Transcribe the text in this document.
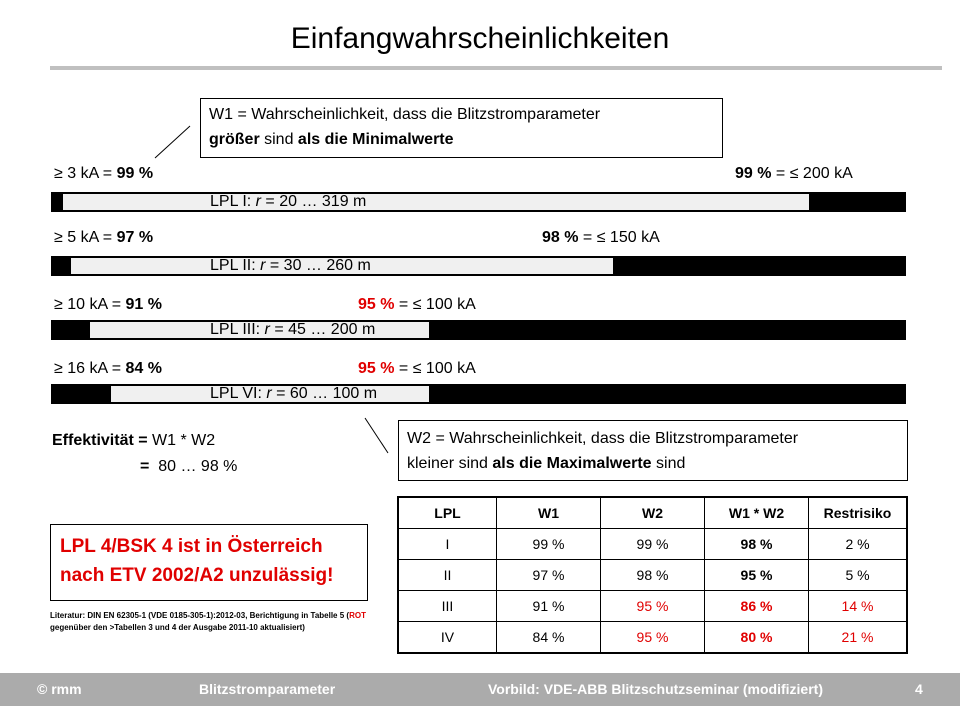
Einfangwahrscheinlichkeiten
W1 = Wahrscheinlichkeit, dass die Blitzstromparameter
größer sind als die Minimalwerte
≥ 3 kA = 99 %	99 % = ≤ 200 kA
LPL I: r = 20 … 319 m
≥ 5 kA = 97 %	98 % = ≤ 150 kA
LPL II: r = 30 … 260 m
≥ 10 kA = 91 %	95 % = ≤ 100 kA
LPL III: r = 45 … 200 m
≥ 16 kA = 84 %	95 % = ≤ 100 kA
LPL VI: r = 60 … 100 m
W2 = Wahrscheinlichkeit, dass die Blitzstromparameter
kleiner sind als die Maximalwerte sind
Effektivität = W1 * W2
=  80 … 98 %
LPL 4/BSK 4 ist in Österreich
nach ETV 2002/A2 unzulässig!
Literatur: DIN EN 62305-1 (VDE 0185-305-1):2012-03, Berichtigung in Tabelle 5 (ROT gegenüber den >Tabellen 3 und 4 der Ausgabe 2011-10 aktualisiert)
LPL	W1	W2	W1 * W2	Restrisiko
I	99 %	99 %	98 %	2 %
II	97 %	98 %	95 %	5 %
III	91 %	95 %	86 %	14 %
IV	84 %	95 %	80 %	21 %
© rmm	Blitzstromparameter	Vorbild: VDE-ABB Blitzschutzseminar (modifiziert)	4
